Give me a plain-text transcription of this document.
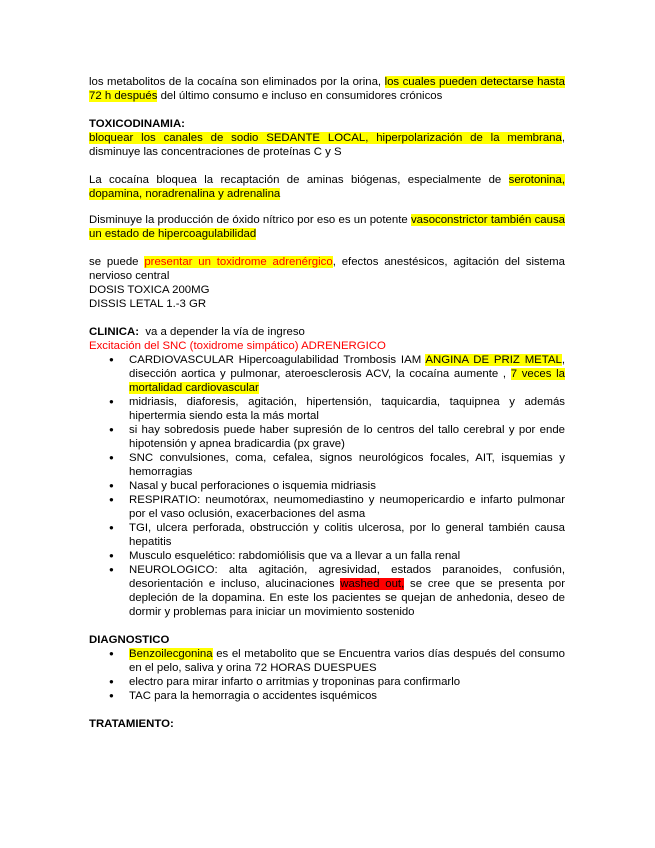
los metabolitos de la cocaína son eliminados por la orina, los cuales pueden detectarse hasta 72 h después del último consumo e incluso en consumidores crónicos

TOXICODINAMIA:

bloquear los canales de sodio SEDANTE LOCAL, hiperpolarización de la membrana, disminuye las concentraciones de proteínas C y S

La cocaína bloquea la recaptación de aminas biógenas, especialmente de serotonina, dopamina, noradrenalina y adrenalina

Disminuye la producción de óxido nítrico por eso es un potente vasoconstrictor también causa un estado de hipercoagulabilidad

se puede presentar un toxidrome adrenérgico, efectos anestésicos, agitación del sistema nervioso central

DOSIS TOXICA 200MG

DISSIS LETAL 1.-3 GR

CLINICA:  va a depender la vía de ingreso

Excitación del SNC (toxidrome simpático) ADRENERGICO

● CARDIOVASCULAR Hipercoagulabilidad Trombosis IAM ANGINA DE PRIZ METAL, disección aortica y pulmonar, ateroesclerosis ACV, la cocaína aumente , 7 veces la mortalidad cardiovascular
● midriasis, diaforesis, agitación, hipertensión, taquicardia, taquipnea y además hipertermia siendo esta la más mortal
● si hay sobredosis puede haber supresión de lo centros del tallo cerebral y por ende hipotensión y apnea bradicardia (px grave)
● SNC convulsiones, coma, cefalea, signos neurológicos focales, AIT, isquemias y hemorragias
● Nasal y bucal perforaciones o isquemia midriasis
● RESPIRATIO: neumotórax, neumomediastino y neumopericardio e infarto pulmonar por el vaso oclusión, exacerbaciones del asma
● TGI, ulcera perforada, obstrucción y colitis ulcerosa, por lo general también causa hepatitis
● Musculo esquelético: rabdomiólisis que va a llevar a un falla renal
● NEUROLOGICO: alta agitación, agresividad, estados paranoides, confusión, desorientación e incluso, alucinaciones washed out, se cree que se presenta por depleción de la dopamina. En este los pacientes se quejan de anhedonia, deseo de dormir y problemas para iniciar un movimiento sostenido

DIAGNOSTICO

● Benzoilecgonina es el metabolito que se Encuentra varios días después del consumo en el pelo, saliva y orina 72 HORAS DUESPUES
● electro para mirar infarto o arritmias y troponinas para confirmarlo
● TAC para la hemorragia o accidentes isquémicos

TRATAMIENTO:
